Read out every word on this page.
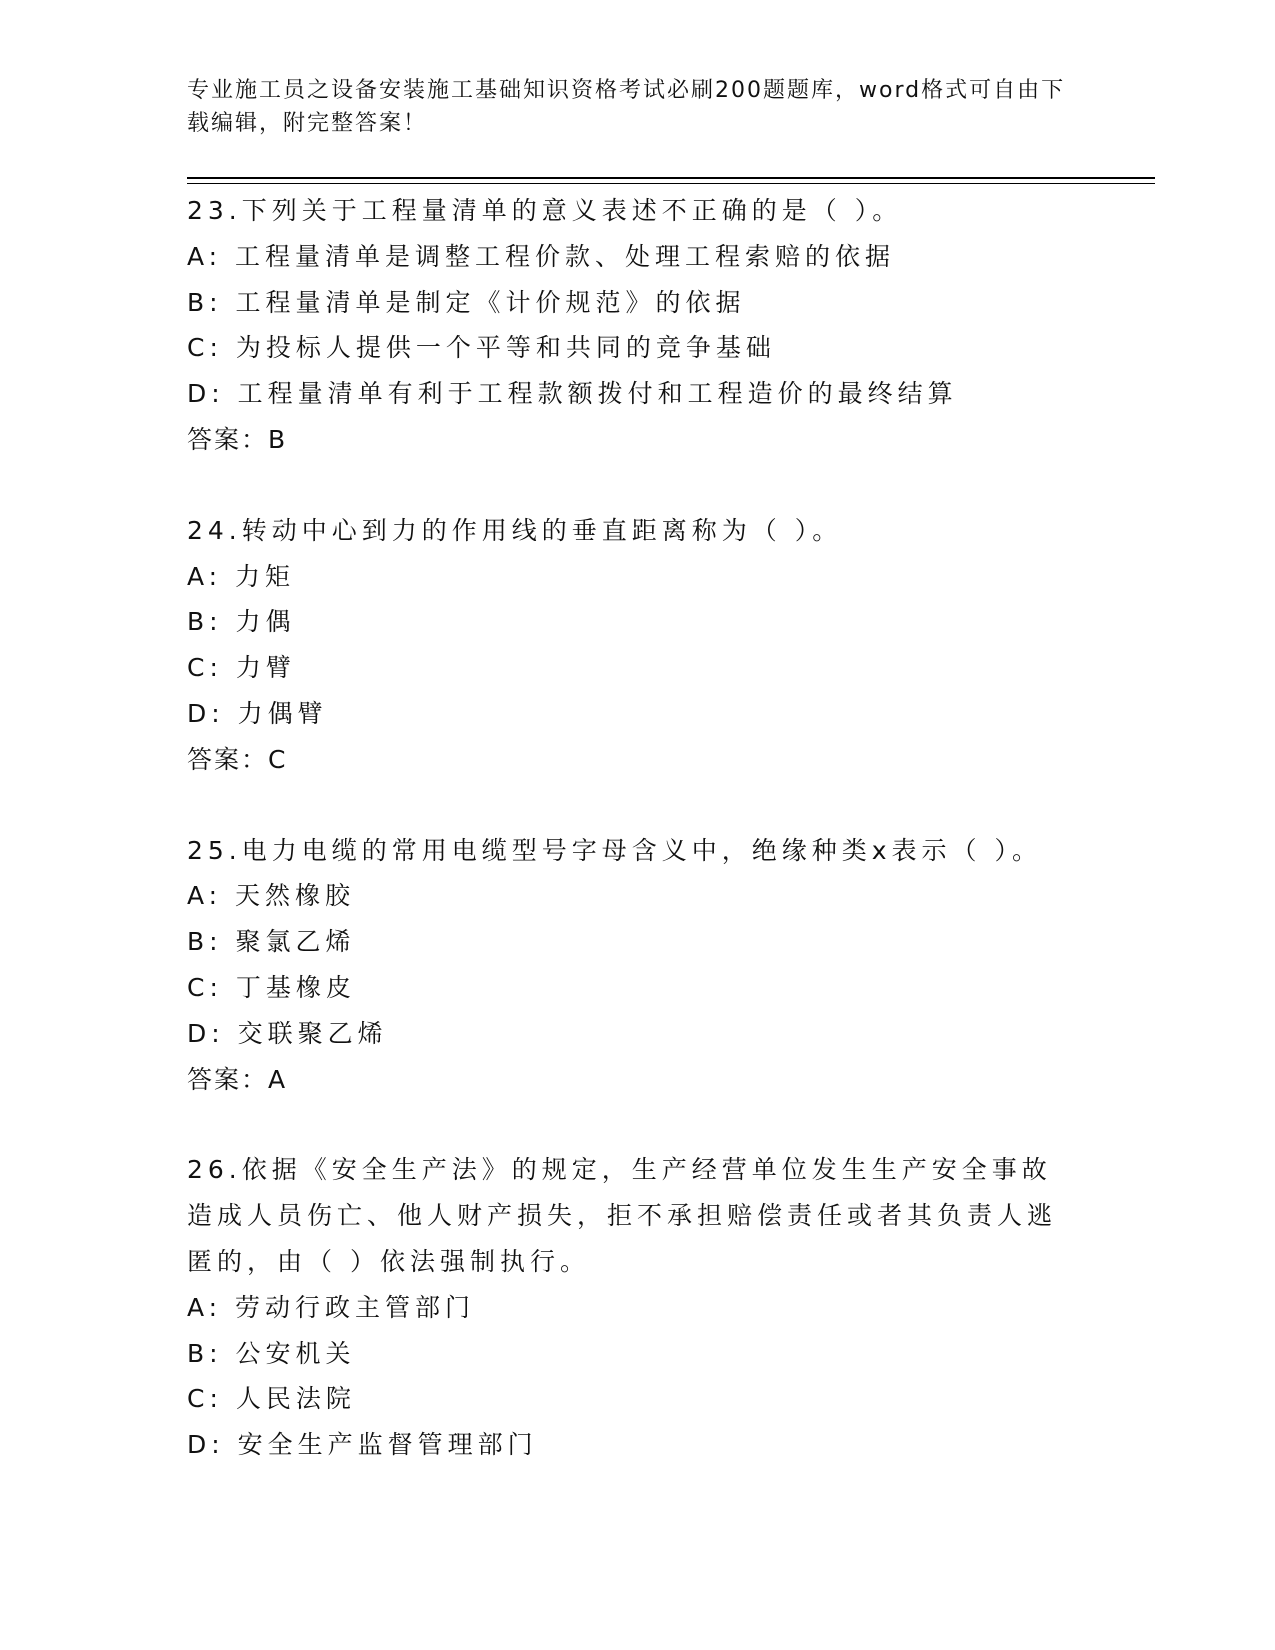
专业施工员之设备安装施工基础知识资格考试必刷200题题库，word格式可自由下载编辑，附完整答案！
23.下列关于工程量清单的意义表述不正确的是（ ）。
A: 工程量清单是调整工程价款、处理工程索赔的依据
B: 工程量清单是制定《计价规范》的依据
C: 为投标人提供一个平等和共同的竞争基础
D: 工程量清单有利于工程款额拨付和工程造价的最终结算
答案：B
24.转动中心到力的作用线的垂直距离称为（ ）。
A: 力矩
B: 力偶
C: 力臂
D: 力偶臂
答案：C
25.电力电缆的常用电缆型号字母含义中，绝缘种类x表示（ ）。
A: 天然橡胶
B: 聚氯乙烯
C: 丁基橡皮
D: 交联聚乙烯
答案：A
26.依据《安全生产法》的规定，生产经营单位发生生产安全事故造成人员伤亡、他人财产损失，拒不承担赔偿责任或者其负责人逃匿的，由（ ）依法强制执行。
A: 劳动行政主管部门
B: 公安机关
C: 人民法院
D: 安全生产监督管理部门
